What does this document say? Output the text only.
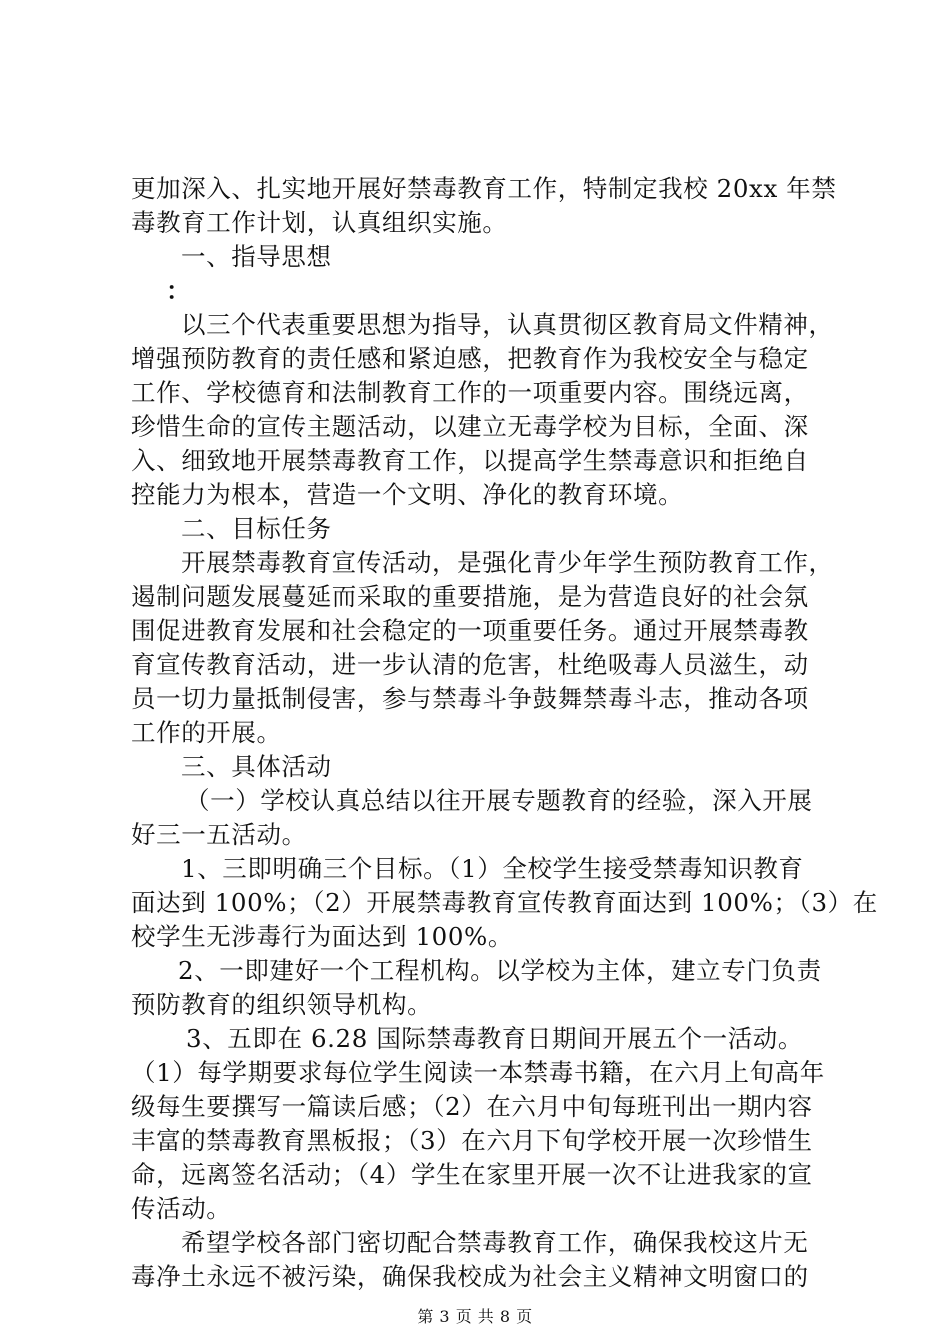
更加深入、扎实地开展好禁毒教育工作，特制定我校 20xx 年禁
毒教育工作计划，认真组织实施。
一、指导思想
：
以三个代表重要思想为指导，认真贯彻区教育局文件精神，
增强预防教育的责任感和紧迫感，把教育作为我校安全与稳定
工作、学校德育和法制教育工作的一项重要内容。围绕远离，
珍惜生命的宣传主题活动，以建立无毒学校为目标，全面、深
入、细致地开展禁毒教育工作，以提高学生禁毒意识和拒绝自
控能力为根本，营造一个文明、净化的教育环境。
二、目标任务
开展禁毒教育宣传活动，是强化青少年学生预防教育工作，
遏制问题发展蔓延而采取的重要措施，是为营造良好的社会氛
围促进教育发展和社会稳定的一项重要任务。通过开展禁毒教
育宣传教育活动，进一步认清的危害，杜绝吸毒人员滋生，动
员一切力量抵制侵害，参与禁毒斗争鼓舞禁毒斗志，推动各项
工作的开展。
三、具体活动
（一）学校认真总结以往开展专题教育的经验，深入开展
好三一五活动。
1、三即明确三个目标。（1）全校学生接受禁毒知识教育
面达到 100%；（2）开展禁毒教育宣传教育面达到 100%；（3）在
校学生无涉毒行为面达到 100%。
2、一即建好一个工程机构。以学校为主体，建立专门负责
预防教育的组织领导机构。
3、五即在 6.28 国际禁毒教育日期间开展五个一活动。
（1）每学期要求每位学生阅读一本禁毒书籍，在六月上旬高年
级每生要撰写一篇读后感；（2）在六月中旬每班刊出一期内容
丰富的禁毒教育黑板报；（3）在六月下旬学校开展一次珍惜生
命，远离签名活动；（4）学生在家里开展一次不让进我家的宣
传活动。
希望学校各部门密切配合禁毒教育工作，确保我校这片无
毒净土永远不被污染，确保我校成为社会主义精神文明窗口的
第 3 页 共 8 页
